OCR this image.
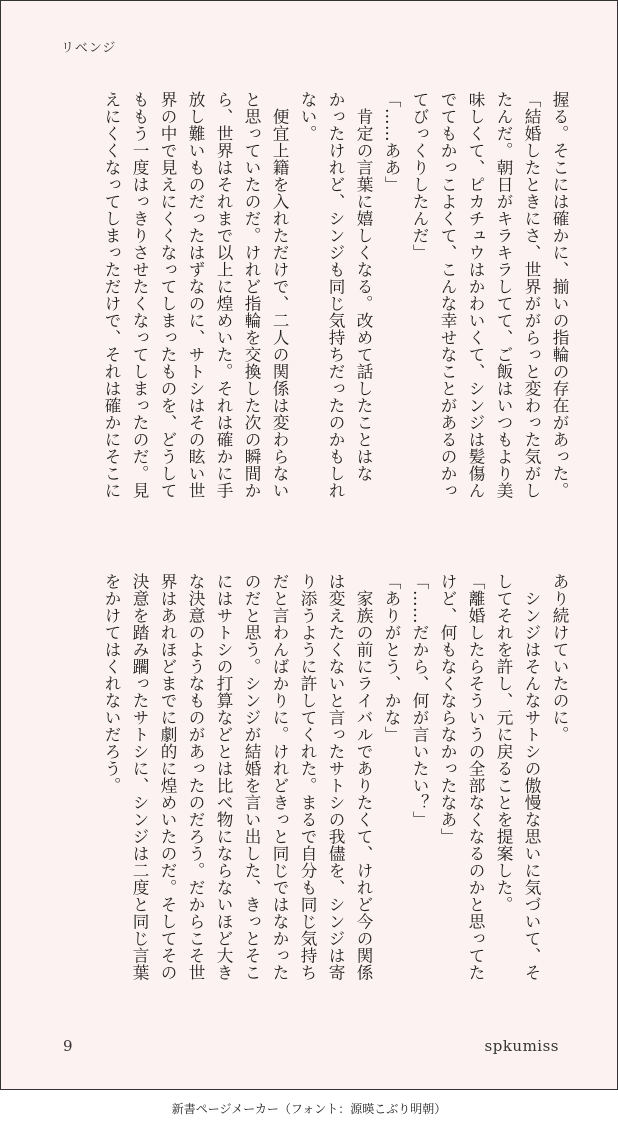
リベンジ
握る。そこには確かに、揃いの指輪の存在があった。
「結婚したときにさ、世界ががらっと変わった気がし
たんだ。朝日がキラキラしてて、ご飯はいつもより美
味しくて、ピカチュウはかわいくて、シンジは髪傷ん
でてもかっこよくて、こんな幸せなことがあるのかっ
てびっくりしたんだ」
「……ああ」
　肯定の言葉に嬉しくなる。改めて話したことはな
かったけれど、シンジも同じ気持ちだったのかもしれ
ない。
　便宜上籍を入れただけで、二人の関係は変わらない
と思っていたのだ。けれど指輪を交換した次の瞬間か
ら、世界はそれまで以上に煌めいた。それは確かに手
放し難いものだったはずなのに、サトシはその眩い世
界の中で見えにくくなってしまったものを、どうして
ももう一度はっきりさせたくなってしまったのだ。見
えにくくなってしまっただけで、それは確かにそこに
あり続けていたのに。
　シンジはそんなサトシの傲慢な思いに気づいて、そ
してそれを許し、元に戻ることを提案した。
「離婚したらそういうの全部なくなるのかと思ってた
けど、何もなくならなかったなあ」
「……だから、何が言いたい？」
「ありがとう、かな」
　家族の前にライバルでありたくて、けれど今の関係
は変えたくないと言ったサトシの我儘を、シンジは寄
り添うように許してくれた。まるで自分も同じ気持ち
だと言わんばかりに。けれどきっと同じではなかった
のだと思う。シンジが結婚を言い出した、きっとそこ
にはサトシの打算などとは比べ物にならないほど大き
な決意のようなものがあったのだろう。だからこそ世
界はあれほどまでに劇的に煌めいたのだ。そしてその
決意を踏み躙ったサトシに、シンジは二度と同じ言葉
をかけてはくれないだろう。
9	spkumiss
新書ページメーカー（フォント：源暎こぶり明朝）
